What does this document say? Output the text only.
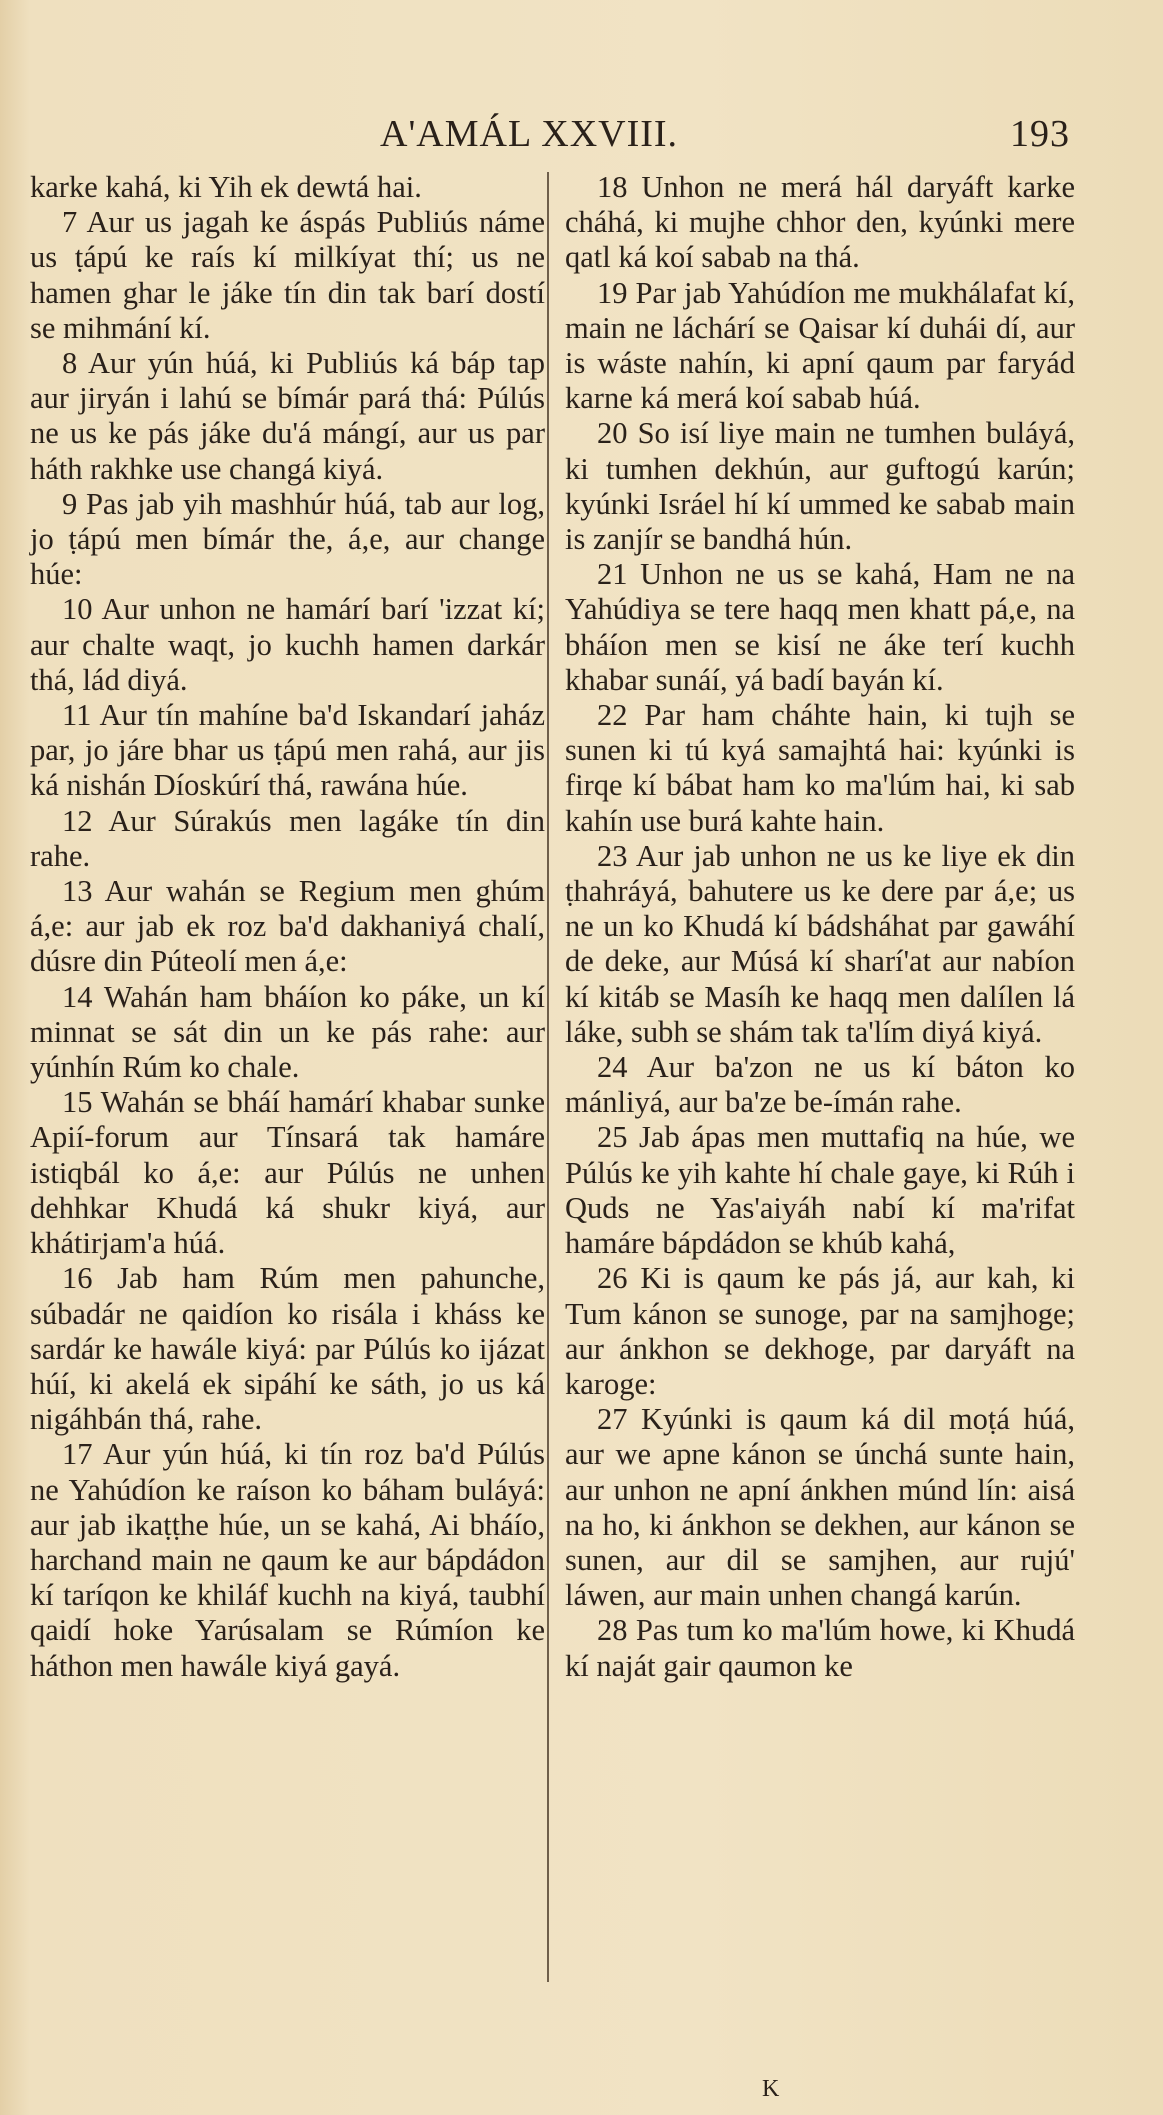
A'AMÁL XXVIII.	193

karke kahá, ki Yih ek dewtá hai.

7 Aur us jagah ke áspás Publiús náme us ṭápú ke raís kí milkíyat thí; us ne hamen ghar le jáke tín din tak barí dostí se mihmání kí.

8 Aur yún húá, ki Publiús ká báp tap aur jiryán i lahú se bímár pará thá: Púlús ne us ke pás jáke du'á mángí, aur us par háth rakhke use changá kiyá.

9 Pas jab yih mashhúr húá, tab aur log, jo ṭápú men bímár the, á,e, aur change húe:

10 Aur unhon ne hamárí barí 'izzat kí; aur chalte waqt, jo kuchh hamen darkár thá, lád diyá.

11 Aur tín mahíne ba'd Iskandarí jaház par, jo járe bhar us ṭápú men rahá, aur jis ká nishán Díoskúrí thá, rawána húe.

12 Aur Súrakús men lagáke tín din rahe.

13 Aur wahán se Regium men ghúm á,e: aur jab ek roz ba'd dakhaniyá chalí, dúsre din Púteolí men á,e:

14 Wahán ham bháíon ko páke, un kí minnat se sát din un ke pás rahe: aur yúnhín Rúm ko chale.

15 Wahán se bháí hamárí khabar sunke Apií-forum aur Tínsará tak hamáre istiqbál ko á,e: aur Púlús ne unhen dehhkar Khudá ká shukr kiyá, aur khátirjam'a húá.

16 Jab ham Rúm men pahunche, súbadár ne qaidíon ko risála i kháss ke sardár ke hawále kiyá: par Púlús ko ijázat húí, ki akelá ek sipáhí ke sáth, jo us ká nigáhbán thá, rahe.

17 Aur yún húá, ki tín roz ba'd Púlús ne Yahúdíon ke raíson ko báham buláyá: aur jab ikaṭṭhe húe, un se kahá, Ai bháío, harchand main ne qaum ke aur bápdádon kí taríqon ke khiláf kuchh na kiyá, taubhí qaidí hoke Yarúsalam se Rúmíon ke háthon men hawále kiyá gayá.

18 Unhon ne merá hál daryáft karke cháhá, ki mujhe chhor den, kyúnki mere qatl ká koí sabab na thá.

19 Par jab Yahúdíon me mukhálafat kí, main ne láchárí se Qaisar kí duhái dí, aur is wáste nahín, ki apní qaum par faryád karne ká merá koí sabab húá.

20 So isí liye main ne tumhen buláyá, ki tumhen dekhún, aur guftogú karún; kyúnki Isráel hí kí ummed ke sabab main is zanjír se bandhá hún.

21 Unhon ne us se kahá, Ham ne na Yahúdiya se tere haqq men khatt pá,e, na bháíon men se kisí ne áke terí kuchh khabar sunáí, yá badí bayán kí.

22 Par ham cháhte hain, ki tujh se sunen ki tú kyá samajhtá hai: kyúnki is firqe kí bábat ham ko ma'lúm hai, ki sab kahín use burá kahte hain.

23 Aur jab unhon ne us ke liye ek din ṭhahráyá, bahutere us ke dere par á,e; us ne un ko Khudá kí bádsháhat par gawáhí de deke, aur Músá kí sharí'at aur nabíon kí kitáb se Masíh ke haqq men dalílen lá láke, subh se shám tak ta'lím diyá kiyá.

24 Aur ba'zon ne us kí báton ko mánliyá, aur ba'ze be-ímán rahe.

25 Jab ápas men muttafiq na húe, we Púlús ke yih kahte hí chale gaye, ki Rúh i Quds ne Yas'aiyáh nabí kí ma'rifat hamáre bápdádon se khúb kahá,

26 Ki is qaum ke pás já, aur kah, ki Tum kánon se sunoge, par na samjhoge; aur ánkhon se dekhoge, par daryáft na karoge:

27 Kyúnki is qaum ká dil moṭá húá, aur we apne kánon se únchá sunte hain, aur unhon ne apní ánkhen múnd lín: aisá na ho, ki ánkhon se dekhen, aur kánon se sunen, aur dil se samjhen, aur rujú' láwen, aur main unhen changá karún.

28 Pas tum ko ma'lúm howe, ki Khudá kí naját gair qaumon ke

K
